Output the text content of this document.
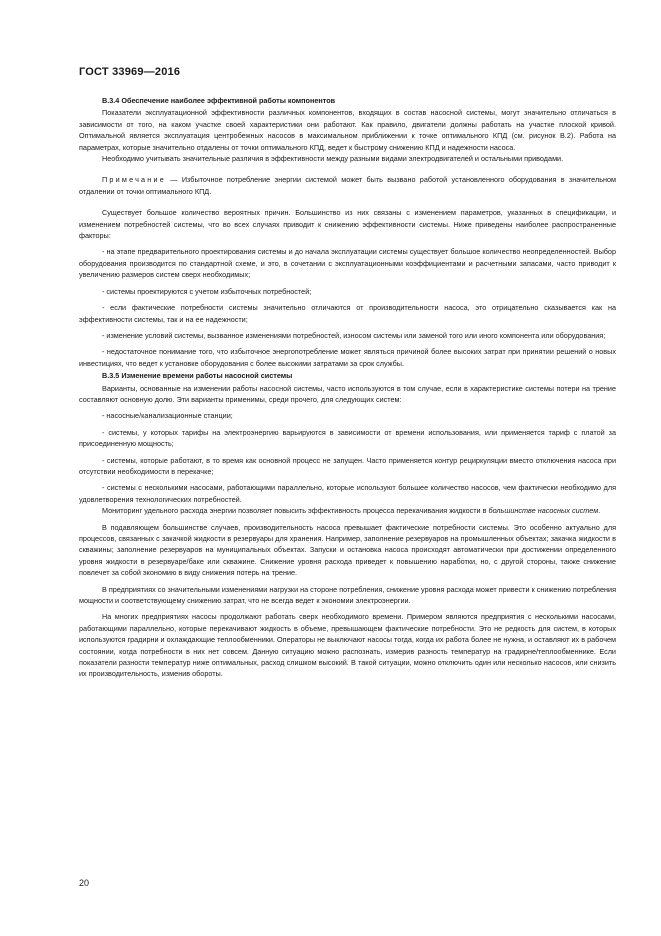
ГОСТ 33969—2016

В.3.4 Обеспечение наиболее эффективной работы компонентов

Показатели эксплуатационной эффективности различных компонентов, входящих в состав насосной системы, могут значительно отличаться в зависимости от того, на каком участке своей характеристики они работают. Как правило, двигатели должны работать на участке плоской кривой. Оптимальной является эксплуатация центробежных насосов в максимальном приближении к точке оптимального КПД (см. рисунок В.2). Работа на параметрах, которые значительно отдалены от точки оптимального КПД, ведет к быстрому снижению КПД и надежности насоса.

Необходимо учитывать значительные различия в эффективности между разными видами электродвигателей и остальными приводами.

Примечание — Избыточное потребление энергии системой может быть вызвано работой установленного оборудования в значительном отдалении от точки оптимального КПД.

Существует большое количество вероятных причин. Большинство из них связаны с изменением параметров, указанных в спецификации, и изменением потребностей системы, что во всех случаях приводит к снижению эффективности системы. Ниже приведены наиболее распространенные факторы:

- на этапе предварительного проектирования системы и до начала эксплуатации системы существует большое количество неопределенностей. Выбор оборудования производится по стандартной схеме, и это, в сочетании с эксплуатационными коэффициентами и расчетными запасами, часто приводит к увеличению размеров систем сверх необходимых;

- системы проектируются с учетом избыточных потребностей;

- если фактические потребности системы значительно отличаются от производительности насоса, это отрицательно сказывается как на эффективности системы, так и на ее надежности;

- изменение условий системы, вызванное изменениями потребностей, износом системы или заменой того или иного компонента или оборудования;

- недостаточное понимание того, что избыточное энергопотребление может являться причиной более высоких затрат при принятии решений о новых инвестициях, что ведет к установке оборудования с более высокими затратами за срок службы.

В.3.5 Изменение времени работы насосной системы

Варианты, основанные на изменении работы насосной системы, часто используются в том случае, если в характеристике системы потери на трение составляют основную долю. Эти варианты применимы, среди прочего, для следующих систем:

- насосные/канализационные станции;

- системы, у которых тарифы на электроэнергию варьируются в зависимости от времени использования, или применяется тариф с платой за присоединенную мощность;

- системы, которые работают, в то время как основной процесс не запущен. Часто применяется контур рециркуляции вместо отключения насоса при отсутствии необходимости в перекачке;

- системы с несколькими насосами, работающими параллельно, которые используют большее количество насосов, чем фактически необходимо для удовлетворения технологических потребностей.

Мониторинг удельного расхода энергии позволяет повысить эффективность процесса перекачивания жидкости в большинстве насосных систем.

В подавляющем большинстве случаев, производительность насоса превышает фактические потребности системы. Это особенно актуально для процессов, связанных с закачкой жидкости в резервуары для хранения. Например, заполнение резервуаров на промышленных объектах; закачка жидкости в скважины; заполнение резервуаров на муниципальных объектах. Запуски и остановка насоса происходят автоматически при достижении определенного уровня жидкости в резервуаре/баке или скважине. Снижение уровня расхода приведет к повышению наработки, но, с другой стороны, также снижение повлечет за собой экономию в виду снижения потерь на трение.

В предприятиях со значительными изменениями нагрузки на стороне потребления, снижение уровня расхода может привести к снижению потребления мощности и соответствующему снижению затрат, что не всегда ведет к экономии электроэнергии.

На многих предприятиях насосы продолжают работать сверх необходимого времени. Примером являются предприятия с несколькими насосами, работающими параллельно, которые перекачивают жидкость в объеме, превышающем фактические потребности. Это не редкость для систем, в которых используются градирни и охлаждающие теплообменники. Операторы не выключают насосы тогда, когда их работа более не нужна, и оставляют их в рабочем состоянии, когда потребности в них нет совсем. Данную ситуацию можно распознать, измерив разность температур на градирне/теплообменнике. Если показатели разности температур ниже оптимальных, расход слишком высокий. В такой ситуации, можно отключить один или несколько насосов, или снизить их производительность, изменив обороты.

20
